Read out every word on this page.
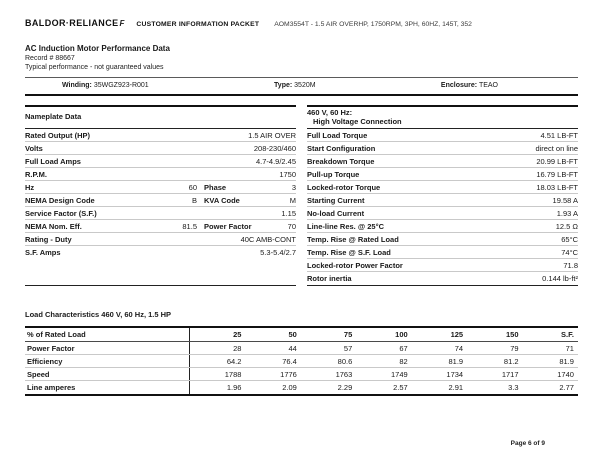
BALDOR·RELIANCE F CUSTOMER INFORMATION PACKET AOM3554T - 1.5 AIR OVERHP, 1750RPM, 3PH, 60HZ, 145T, 352
AC Induction Motor Performance Data
Record # 88667
Typical performance - not guaranteed values
Winding: 35WGZ923-R001	Type: 3520M	Enclosure: TEAO
Nameplate Data
Rated Output (HP)	1.5 AIR OVER
Volts	208-230/460
Full Load Amps	4.7-4.9/2.45
R.P.M.	1750
Hz	60 Phase	3
NEMA Design Code	B KVA Code	M
Service Factor (S.F.)	1.15
NEMA Nom. Eff.	81.5 Power Factor	70
Rating - Duty	40C AMB-CONT
S.F. Amps	5.3-5.4/2.7
460 V, 60 Hz:
High Voltage Connection
Full Load Torque	4.51 LB-FT
Start Configuration	direct on line
Breakdown Torque	20.99 LB-FT
Pull-up Torque	16.79 LB-FT
Locked-rotor Torque	18.03 LB-FT
Starting Current	19.58 A
No-load Current	1.93 A
Line-line Res. @ 25°C	12.5 Ω
Temp. Rise @ Rated Load	65°C
Temp. Rise @ S.F. Load	74°C
Locked-rotor Power Factor	71.8
Rotor inertia	0.144 lb-ft²
Load Characteristics 460 V, 60 Hz, 1.5 HP
% of Rated Load	25	50	75	100	125	150	S.F.
Power Factor	28	44	57	67	74	79	71
Efficiency	64.2	76.4	80.6	82	81.9	81.2	81.9
Speed	1788	1776	1763	1749	1734	1717	1740
Line amperes	1.96	2.09	2.29	2.57	2.91	3.3	2.77
Page 6 of 9
